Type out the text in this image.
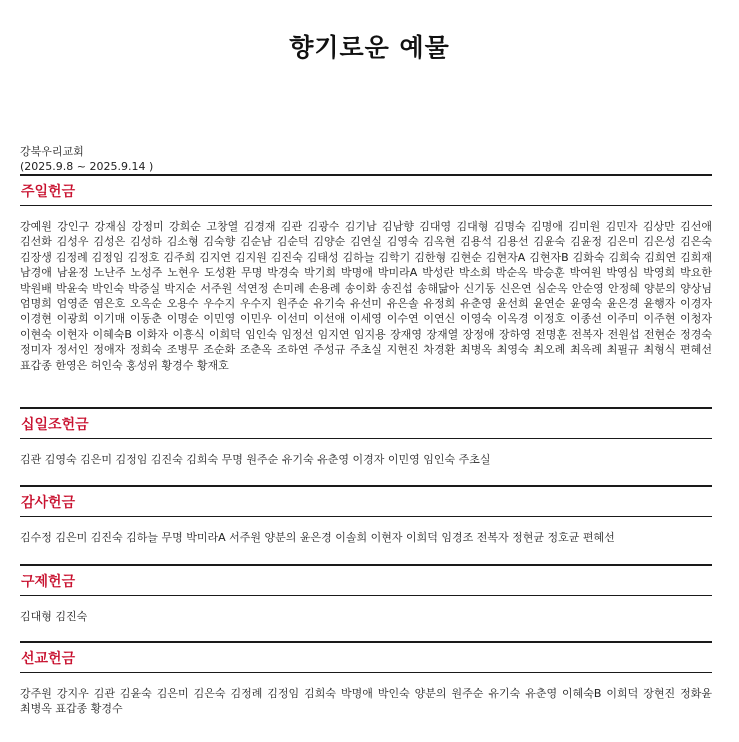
향기로운 예물
강북우리교회
(2025.9.8 ~ 2025.9.14 )
주일헌금
강예원 강인구 강재심 강정미 강희순 고창열 김경재 김관 김광수 김기남 김남향 김대영 김대형 김명숙 김명애 김미원 김민자 김상만 김선애 김선화 김성우 김성은 김성하 김소형 김숙향 김순남 김순덕 김양순 김연실 김영숙 김옥현 김용석 김용선 김윤숙 김윤정 김은미 김은성 김은숙 김장생 김정례 김정임 김정호 김주희 김지연 김지원 김진숙 김태성 김하늘 김학기 김한형 김현순 김현자A 김현자B 김화숙 김희숙 김희연 김희재 남경애 남윤정 노난주 노성주 노현우 도성환 무명 박경숙 박기희 박명애 박미라A 박성란 박소희 박순옥 박승훈 박여원 박영심 박영희 박요한 박원배 박윤숙 박인숙 박증실 박지순 서주원 석연정 손미례 손용례 송이화 송진섭 송해닮아 신기동 신은연 심순옥 안순영 안정혜 양분의 양상님 엄명희 엄영준 염은호 오옥순 오용수 우수지 우수지 원주순 유기숙 유선미 유은솔 유정희 유춘영 윤선희 윤연순 윤영숙 윤은경 윤행자 이경자 이경현 이광희 이기매 이동춘 이명순 이민영 이민우 이선미 이선애 이세영 이수연 이연신 이영숙 이옥경 이정호 이종선 이주미 이주현 이청자 이현숙 이현자 이혜숙B 이화자 이흥식 이희덕 임인숙 임정선 임지연 임지용 장재영 장재열 장정애 장하영 전명훈 전복자 전원섭 전현순 정경숙 정미자 정서인 정애자 정희숙 조병무 조순화 조춘옥 조하연 주성규 주초실 지현진 차경환 최병옥 최영숙 최오례 최옥례 최필규 최형식 편혜선 표갑종 한영은 허인숙 홍성위 황경수 황재호
십일조헌금
김관 김영숙 김은미 김정임 김진숙 김희숙 무명 원주순 유기숙 유춘영 이경자 이민영 임인숙 주초실
감사헌금
김수정 김은미 김진숙 김하늘 무명 박미라A 서주원 양분의 윤은경 이솔희 이현자 이희덕 임경조 전복자 정현균 정호균 편혜선
구제헌금
김대형 김진숙
선교헌금
강주원 강지우 김관 김윤숙 김은미 김은숙 김정례 김정임 김희숙 박명애 박인숙 양분의 원주순 유기숙 유춘영 이혜숙B 이희덕 장현진 정화윤 최병옥 표갑종 황경수
